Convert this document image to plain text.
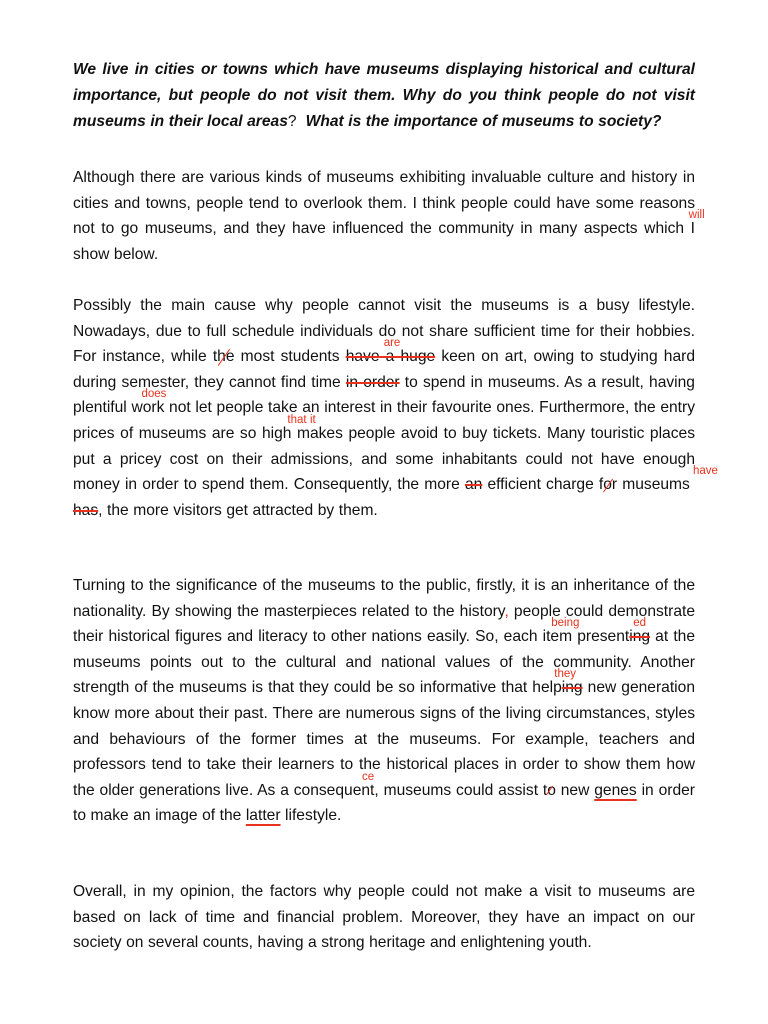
We live in cities or towns which have museums displaying historical and cultural importance, but people do not visit them. Why do you think people do not visit museums in their local areas?  What is the importance of museums to society?
Although there are various kinds of museums exhibiting invaluable culture and history in cities and towns, people tend to overlook them. I think people could have some reasons not to go museums, and they have influenced the community in many aspects which
will
I show below.
Possibly the main cause why people cannot visit the museums is a busy lifestyle. Nowadays, due to full schedule individuals do not share sufficient time for their hobbies. For instance, while the most students
are
have a huge keen on art, owing to studying hard during semester, they cannot find time in order to spend in museums. As a result, having plentiful
does
work not let people take an interest in their favourite ones. Furthermore, the entry prices of museums are so high
that it
makes people avoid to buy tickets. Many touristic places put a pricey cost on their admissions, and some inhabitants could not have enough money in order to spend them. Consequently, the more an efficient charge for museums
have
has, the more visitors get attracted by them.
Turning to the significance of the museums to the public, firstly, it is an inheritance of the nationality. By showing the masterpieces related to the history, people could demonstrate their historical figures and literacy to other nations easily. So, each item
being
present
ed
ing at the museums points out to the cultural and national values of the community. Another strength of the museums is that they could be so informative that
they
helping new generation know more about their past. There are numerous signs of the living circumstances, styles and behaviours of the former times at the museums. For example, teachers and professors tend to take their learners to the historical places in order to show them how the older generations live. As a consequen
ce
t, museums could assist to new genes in order to make an image of the latter lifestyle.
Overall, in my opinion, the factors why people could not make a visit to museums are based on lack of time and financial problem. Moreover, they have an impact on our society on several counts, having a strong heritage and enlightening youth.
